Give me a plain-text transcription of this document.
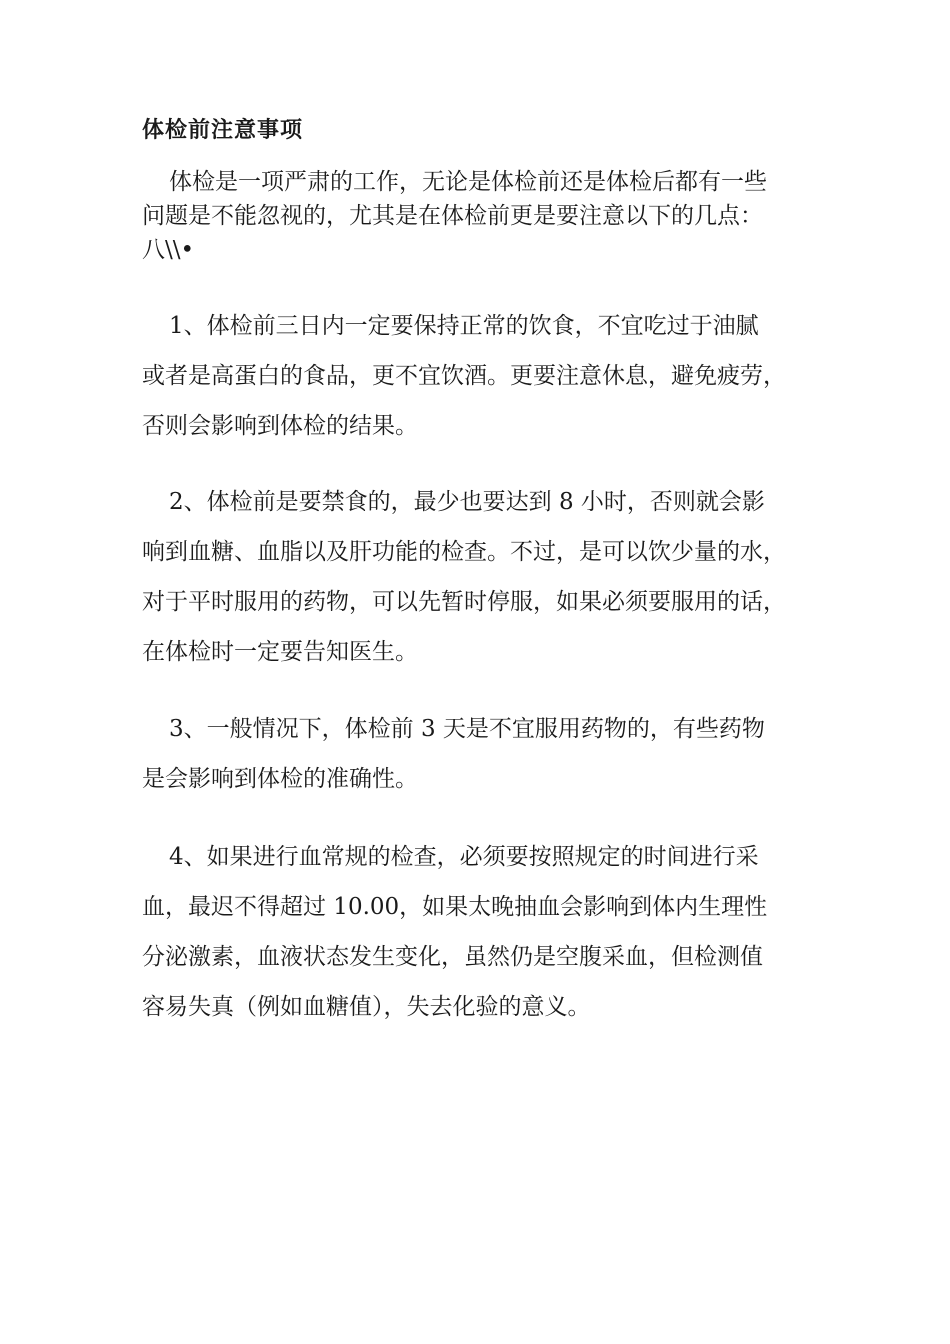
体检前注意事项

体检是一项严肃的工作，无论是体检前还是体检后都有一些
问题是不能忽视的，尤其是在体检前更是要注意以下的几点：
八\\•

1、体检前三日内一定要保持正常的饮食，不宜吃过于油腻
或者是高蛋白的食品，更不宜饮酒。更要注意休息，避免疲劳，
否则会影响到体检的结果。

2、体检前是要禁食的，最少也要达到 8 小时，否则就会影
响到血糖、血脂以及肝功能的检查。不过，是可以饮少量的水，
对于平时服用的药物，可以先暂时停服，如果必须要服用的话，
在体检时一定要告知医生。

3、一般情况下，体检前 3 天是不宜服用药物的，有些药物
是会影响到体检的准确性。

4、如果进行血常规的检查，必须要按照规定的时间进行采
血，最迟不得超过 10.00，如果太晚抽血会影响到体内生理性
分泌激素，血液状态发生变化，虽然仍是空腹采血，但检测值
容易失真（例如血糖值），失去化验的意义。
